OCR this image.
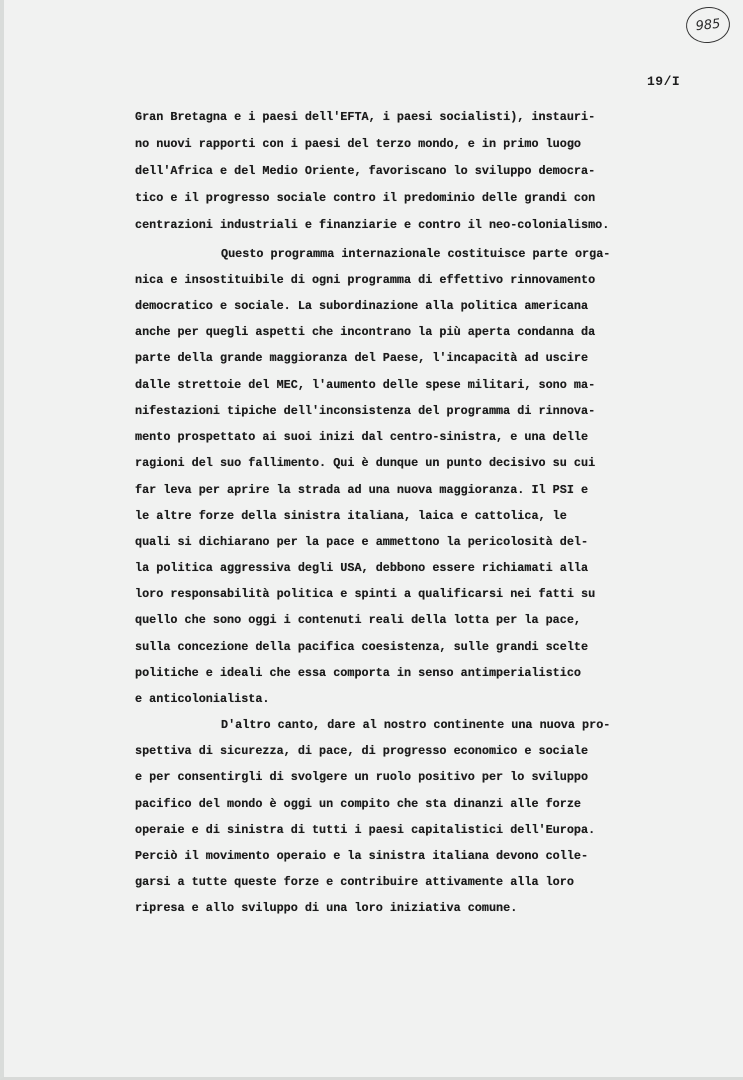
985
19/I
Gran Bretagna e i paesi dell'EFTA, i paesi socialisti), instauri-
no nuovi rapporti con i paesi del terzo mondo, e in primo luogo
dell'Africa e del Medio Oriente, favoriscano lo sviluppo democra-
tico e il progresso sociale contro il predominio delle grandi con
centrazioni industriali e finanziarie e contro il neo-colonialismo.
Questo programma internazionale costituisce parte orga-
nica e insostituibile di ogni programma di effettivo rinnovamento
democratico e sociale. La subordinazione alla politica americana
anche per quegli aspetti che incontrano la più aperta condanna da
parte della grande maggioranza del Paese, l'incapacità ad uscire
dalle strettoie del MEC, l'aumento delle spese militari, sono ma-
nifestazioni tipiche dell'inconsistenza del programma di rinnova-
mento prospettato ai suoi inizi dal centro-sinistra, e una delle
ragioni del suo fallimento. Qui è dunque un punto decisivo su cui
far leva per aprire la strada ad una nuova maggioranza. Il PSI e
le altre forze della sinistra italiana, laica e cattolica, le
quali si dichiarano per la pace e ammettono la pericolosità del-
la politica aggressiva degli USA, debbono essere richiamati alla
loro responsabilità politica e spinti a qualificarsi nei fatti su
quello che sono oggi i contenuti reali della lotta per la pace,
sulla concezione della pacifica coesistenza, sulle grandi scelte
politiche e ideali che essa comporta in senso antimperialistico
e anticolonialista.
D'altro canto, dare al nostro continente una nuova pro-
spettiva di sicurezza, di pace, di progresso economico e sociale
e per consentirgli di svolgere un ruolo positivo per lo sviluppo
pacifico del mondo è oggi un compito che sta dinanzi alle forze
operaie e di sinistra di tutti i paesi capitalistici dell'Europa.
Perciò il movimento operaio e la sinistra italiana devono colle-
garsi a tutte queste forze e contribuire attivamente alla loro
ripresa e allo sviluppo di una loro iniziativa comune.
